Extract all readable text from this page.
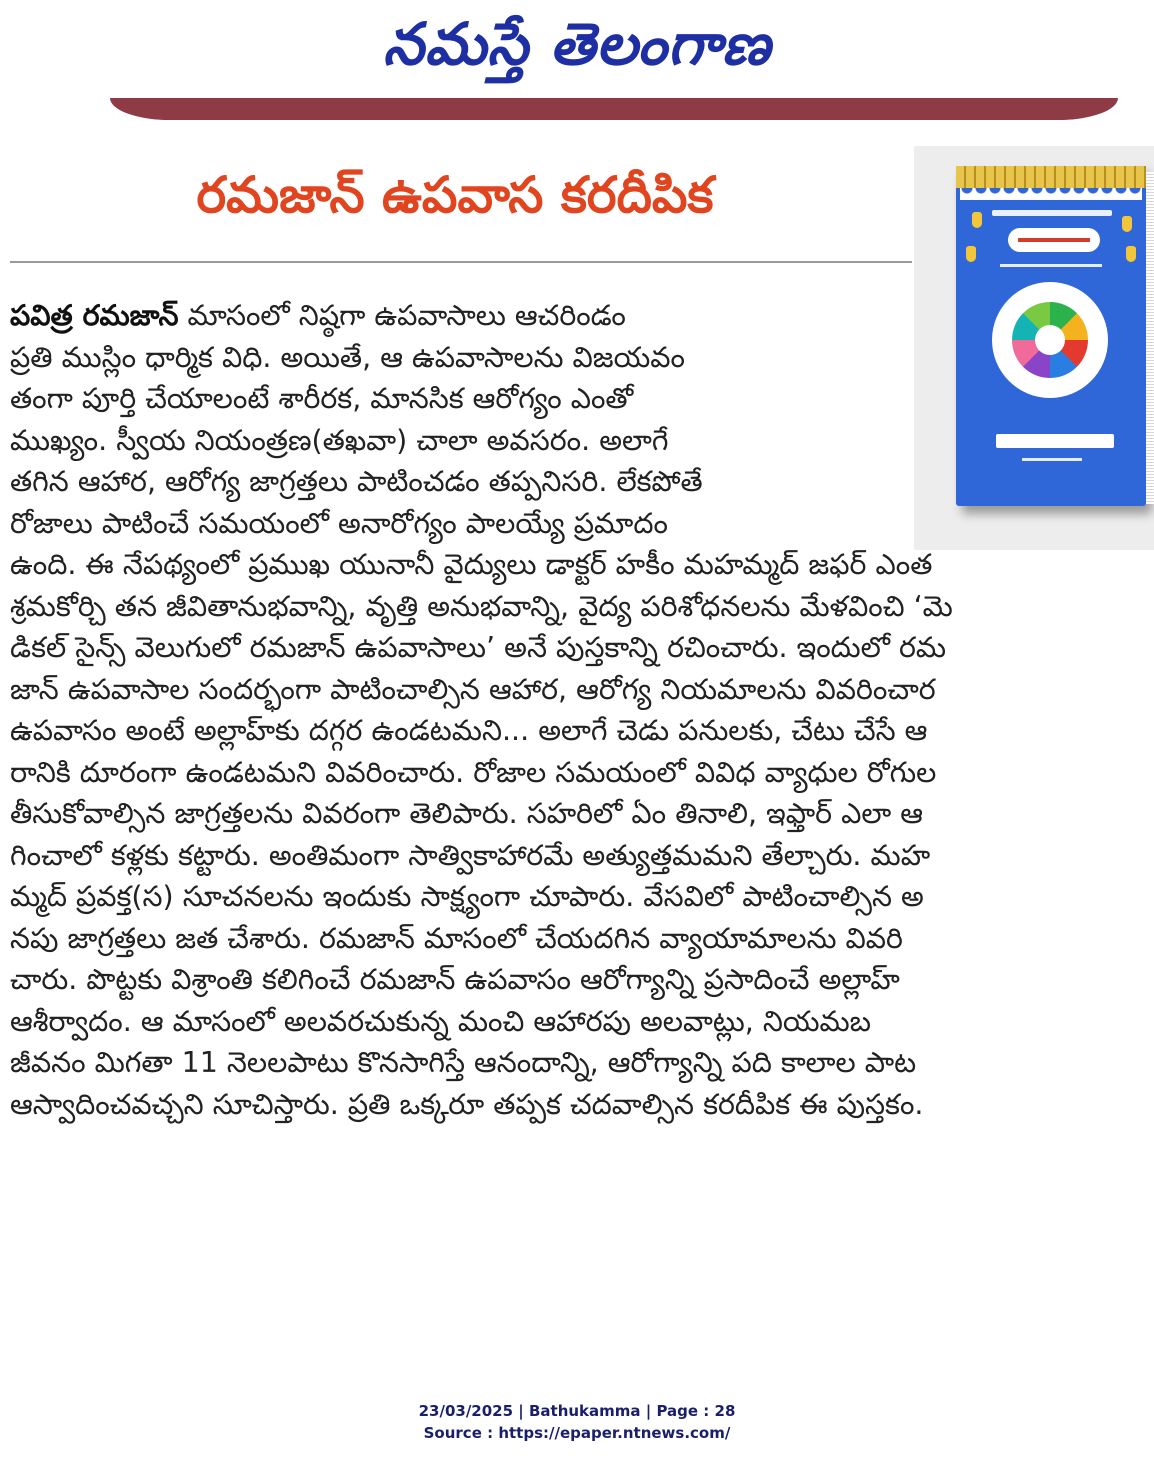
నమస్తే తెలంగాణ
రమజాన్ ఉపవాస కరదీపిక
పవిత్ర రమజాన్ మాసంలో నిష్ఠగా ఉపవాసాలు ఆచరిండం
ప్రతి ముస్లిం ధార్మిక విధి. అయితే, ఆ ఉపవాసాలను విజయవం
తంగా పూర్తి చేయాలంటే శారీరక, మానసిక ఆరోగ్యం ఎంతో
ముఖ్యం. స్వీయ నియంత్రణ(తఖవా) చాలా అవసరం. అలాగే
తగిన ఆహార, ఆరోగ్య జాగ్రత్తలు పాటించడం తప్పనిసరి. లేకపోతే
రోజాలు పాటించే సమయంలో అనారోగ్యం పాలయ్యే ప్రమాదం
ఉంది. ఈ నేపథ్యంలో ప్రముఖ యునానీ వైద్యులు డాక్టర్ హకీం మహమ్మద్ జఫర్ ఎంత
శ్రమకోర్చి తన జీవితానుభవాన్ని, వృత్తి అనుభవాన్ని, వైద్య పరిశోధనలను మేళవించి ‘మె
డికల్ సైన్స్ వెలుగులో రమజాన్ ఉపవాసాలు’ అనే పుస్తకాన్ని రచించారు. ఇందులో రమ
జాన్ ఉపవాసాల సందర్భంగా పాటించాల్సిన ఆహార, ఆరోగ్య నియమాలను వివరించార
ఉపవాసం అంటే అల్లాహ్‌కు దగ్గర ఉండటమని... అలాగే చెడు పనులకు, చేటు చేసే ఆ
రానికి దూరంగా ఉండటమని వివరించారు. రోజాల సమయంలో వివిధ వ్యాధుల రోగుల
తీసుకోవాల్సిన జాగ్రత్తలను వివరంగా తెలిపారు. సహరిలో ఏం తినాలి, ఇఫ్తార్ ఎలా ఆ
గించాలో కళ్లకు కట్టారు. అంతిమంగా సాత్వికాహారమే అత్యుత్తమమని తేల్చారు. మహ
మ్మద్ ప్రవక్త(స) సూచనలను ఇందుకు సాక్ష్యంగా చూపారు. వేసవిలో పాటించాల్సిన అ
నపు జాగ్రత్తలు జత చేశారు. రమజాన్ మాసంలో చేయదగిన వ్యాయామాలను వివరి
చారు. పొట్టకు విశ్రాంతి కలిగించే రమజాన్ ఉపవాసం ఆరోగ్యాన్ని ప్రసాదించే అల్లాహ్
ఆశీర్వాదం. ఆ మాసంలో అలవరచుకున్న మంచి ఆహారపు అలవాట్లు, నియమబ
జీవనం మిగతా 11 నెలలపాటు కొనసాగిస్తే ఆనందాన్ని, ఆరోగ్యాన్ని పది కాలాల పాట
ఆస్వాదించవచ్చని సూచిస్తారు. ప్రతి ఒక్కరూ తప్పక చదవాల్సిన కరదీపిక ఈ పుస్తకం.
23/03/2025 | Bathukamma | Page : 28
Source : https://epaper.ntnews.com/
